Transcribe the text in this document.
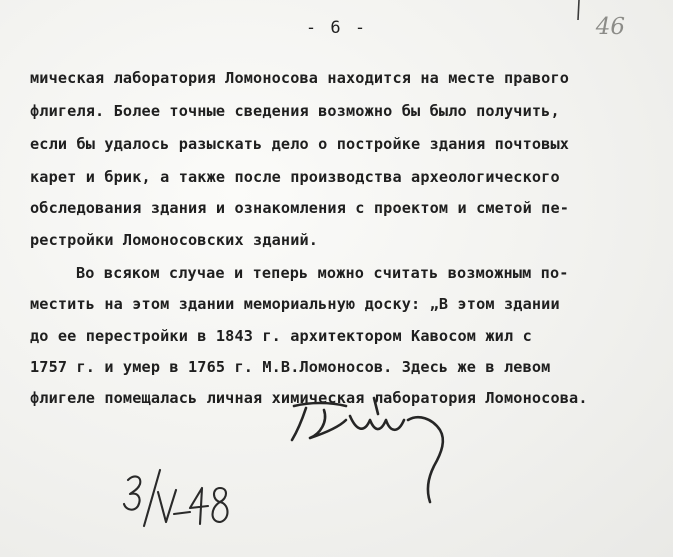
- 6 -	46
мическая лаборатория Ломоносова находится на месте правого
флигеля. Более точные сведения возможно бы было получить,
если бы удалось разыскать дело о постройке здания почтовых
карет и брик, а также после производства археологического
обследования здания и ознакомления с проектом и сметой пе-
рестройки Ломоносовских зданий.
Во всяком случае и теперь можно считать возможным по-
местить на этом здании мемориальную доску: „В этом здании
до ее перестройки в 1843 г. архитектором Кавосом жил с
1757 г. и умер в 1765 г. М.В.Ломоносов. Здесь же в левом
флигеле помещалась личная химическая лаборатория Ломоносова.
